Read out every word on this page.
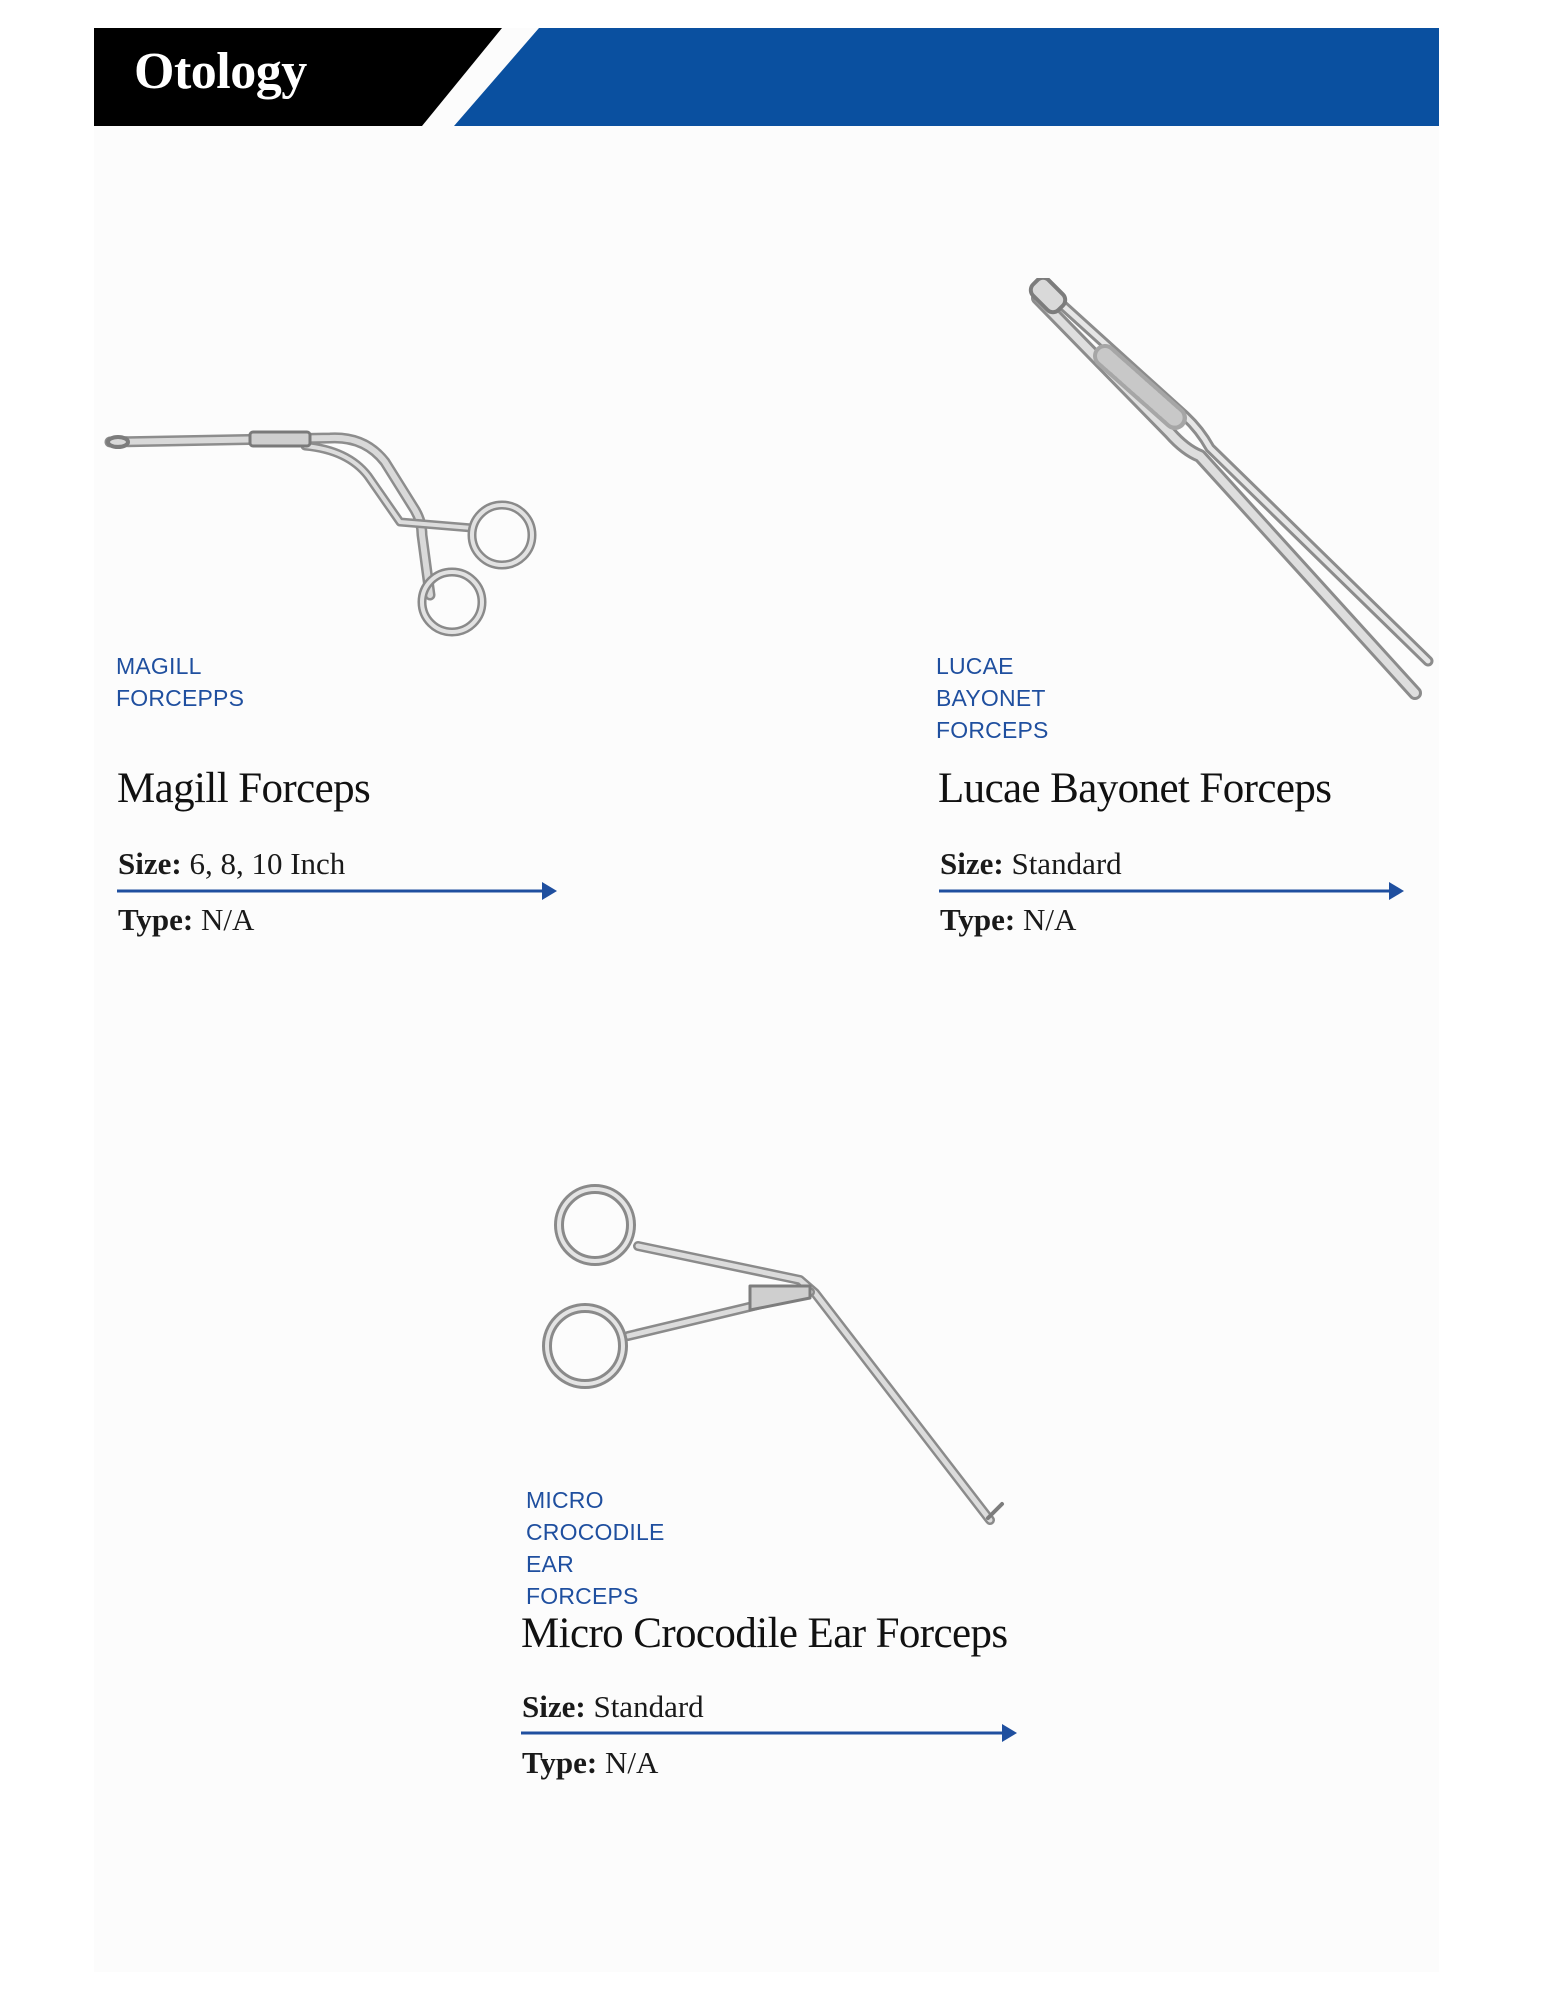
Otology
MAGILL
FORCEPPS
Magill Forceps
Size: 6, 8, 10 Inch
Type: N/A
LUCAE BAYONET
FORCEPS
Lucae Bayonet Forceps
Size: Standard
Type: N/A
MICRO CROCODILE
EAR FORCEPS
Micro Crocodile Ear Forceps
Size: Standard
Type: N/A
